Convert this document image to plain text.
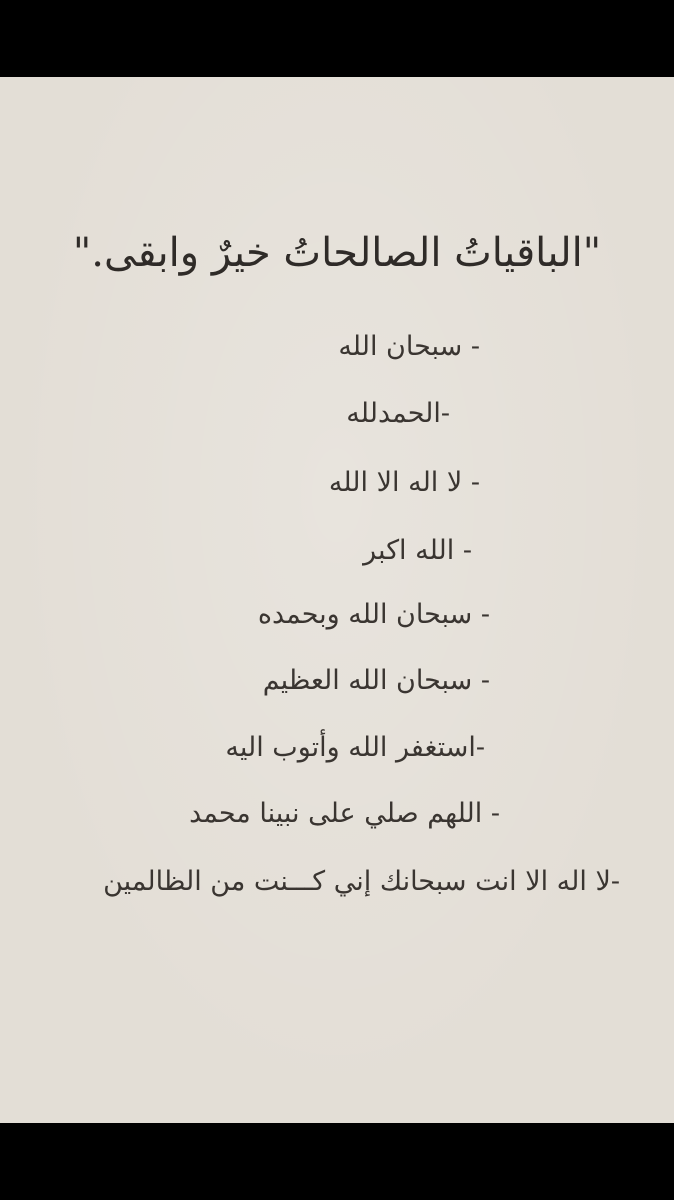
"الباقياتُ الصالحاتُ خيرٌ وابقى."
- سبحان الله
-الحمدلله
- لا اله الا الله
- الله اكبر
- سبحان الله وبحمده
- سبحان الله العظيم
-استغفر الله وأتوب اليه
- اللهم صلي على نبينا محمد
-لا اله الا انت سبحانك إني كـــنت من الظالمين
